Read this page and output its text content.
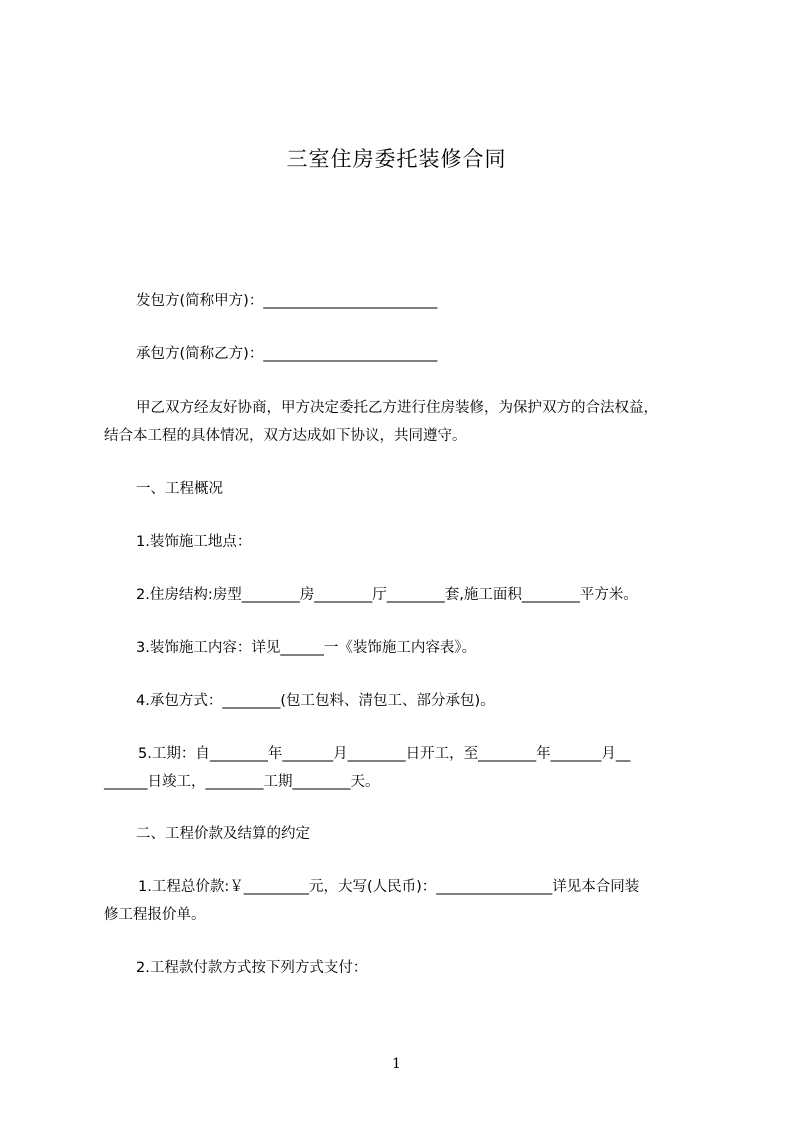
三室住房委托装修合同
发包方(简称甲方)：________________________
承包方(简称乙方)：________________________
甲乙双方经友好协商，甲方决定委托乙方进行住房装修，为保护双方的合法权益，
结合本工程的具体情况，双方达成如下协议，共同遵守。
一、工程概况
1.装饰施工地点：
2.住房结构:房型________房________厅________套,施工面积________平方米。
3.装饰施工内容：详见______一《装饰施工内容表》。
4.承包方式：________(包工包料、清包工、部分承包)。
5.工期：自________年_______月________日开工，至________年_______月__
______日竣工，________工期________天。
二、工程价款及结算的约定
1.工程总价款:￥_________元，大写(人民币)：________________详见本合同装
修工程报价单。
2.工程款付款方式按下列方式支付：
1
